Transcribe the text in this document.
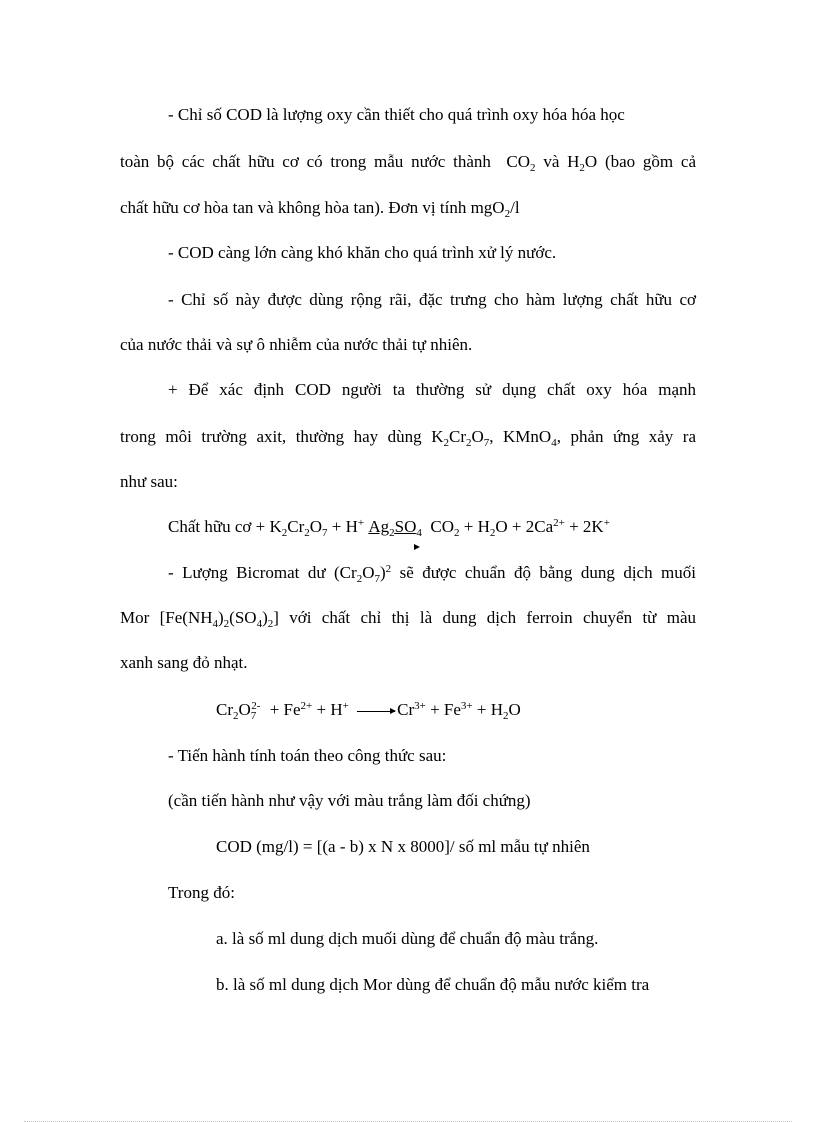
- Chỉ số COD là lượng oxy cần thiết cho quá trình oxy hóa hóa học
toàn bộ các chất hữu cơ có trong mẫu nước thành $CO_2$ và $H_2O$ (bao gồm cả
chất hữu cơ hòa tan và không hòa tan). Đơn vị tính mgO$_2$/l
- COD càng lớn càng khó khăn cho quá trình xử lý nước.
- Chỉ số này được dùng rộng rãi, đặc trưng cho hàm lượng chất hữu cơ
của nước thải và sự ô nhiễm của nước thải tự nhiên.
+ Để xác định COD người ta thường sử dụng chất oxy hóa mạnh
trong môi trường axit, thường hay dùng $K_2Cr_2O_7$, KMnO$_4$, phản ứng xảy ra
như sau:
Chất hữu cơ + $K_2Cr_2O_7 + H^+$ $Ag_2SO_4$ $CO_2 + H_2O + 2Ca^{2+} + 2K^+$
- Lượng Bicromat dư $(Cr_2O_7)^2$ sẽ được chuẩn độ bằng dung dịch muối
Mor $[Fe(NH_4)_2(SO_4)_2]$ với chất chỉ thị là dung dịch ferroin chuyển từ màu
xanh sang đỏ nhạt.
$Cr_2O_7^{2-} + Fe^{2+} + H^+ \to Cr^{3+} + Fe^{3+} + H_2O$
- Tiến hành tính toán theo công thức sau:
(cần tiến hành như vậy với màu trắng làm đối chứng)
COD (mg/l) = [(a - b) x N x 8000]/ số ml mẫu tự nhiên
Trong đó:
a. là số ml dung dịch muối dùng để chuẩn độ màu trắng.
b. là số ml dung dịch Mor dùng để chuẩn độ mẫu nước kiểm tra
